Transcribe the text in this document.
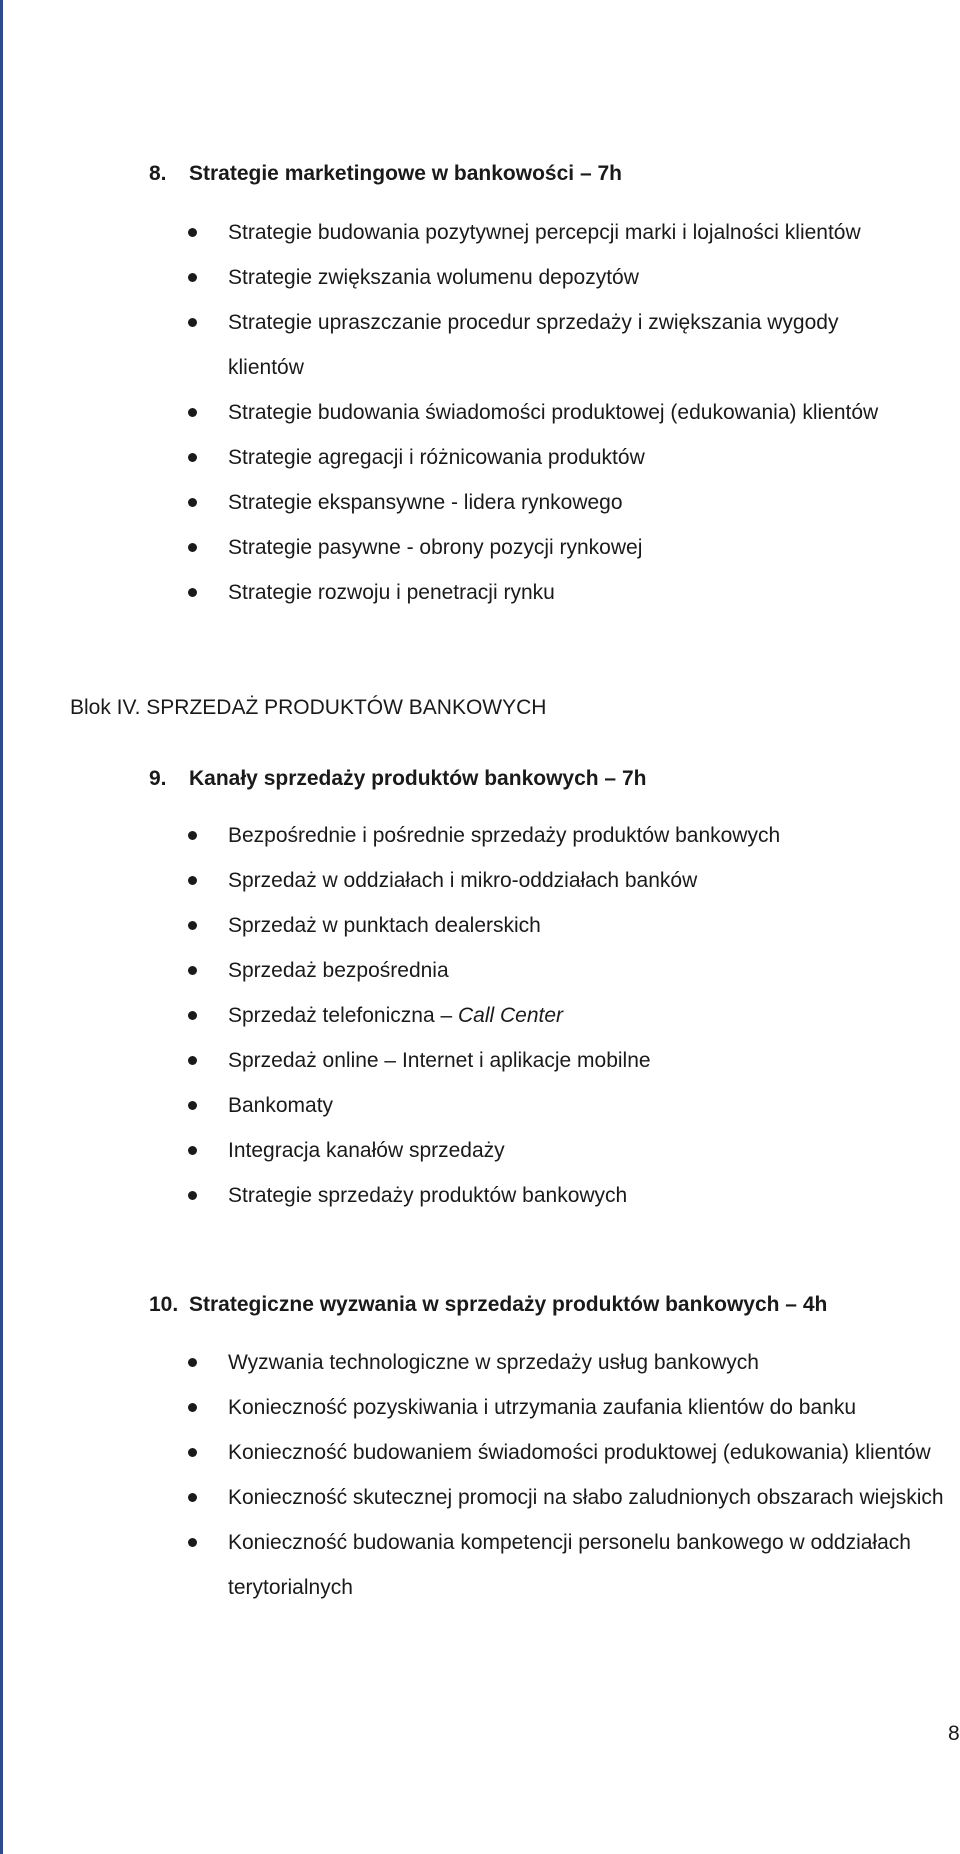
8. Strategie marketingowe w bankowości – 7h
Strategie budowania pozytywnej percepcji marki i lojalności klientów
Strategie zwiększania wolumenu depozytów
Strategie upraszczanie procedur sprzedaży i zwiększania wygody klientów
Strategie budowania świadomości produktowej (edukowania) klientów
Strategie agregacji i różnicowania produktów
Strategie ekspansywne - lidera rynkowego
Strategie pasywne - obrony pozycji rynkowej
Strategie rozwoju i penetracji rynku
Blok IV. SPRZEDAŻ PRODUKTÓW BANKOWYCH
9. Kanały sprzedaży produktów bankowych – 7h
Bezpośrednie i pośrednie sprzedaży produktów bankowych
Sprzedaż w oddziałach i mikro-oddziałach banków
Sprzedaż w punktach dealerskich
Sprzedaż bezpośrednia
Sprzedaż telefoniczna – Call Center
Sprzedaż online – Internet i aplikacje mobilne
Bankomaty
Integracja kanałów sprzedaży
Strategie sprzedaży produktów bankowych
10. Strategiczne wyzwania w sprzedaży produktów bankowych – 4h
Wyzwania technologiczne w sprzedaży usług bankowych
Konieczność pozyskiwania i utrzymania zaufania klientów do banku
Konieczność budowaniem świadomości produktowej (edukowania) klientów
Konieczność skutecznej promocji na słabo zaludnionych obszarach wiejskich
Konieczność budowania kompetencji personelu bankowego w oddziałach terytorialnych
8
